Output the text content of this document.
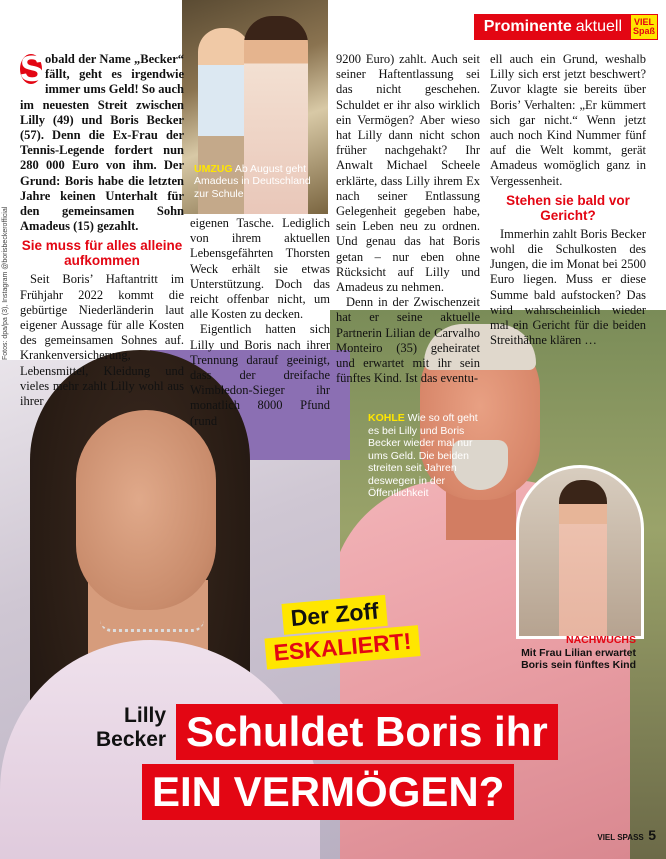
Prominente aktuell VIEL
Spaß
UMZUG Ab August geht Amadeus in Deutschland zur Schule
KOHLE Wie so oft geht es bei Lilly und Boris Becker wieder mal nur ums Geld. Die beiden streiten seit Jahren deswegen in der Öffentlichkeit
NACHWUCHS
Mit Frau Lilian erwartet Boris sein fünftes Kind
Der Zoff
ESKALIERT!
Lilly
Becker Schuldet Boris ihr
EIN VERMÖGEN?
VIEL SPASS 5
Fotos: dpa/pa (3), Instagram @borisbeckerofficial

S obald der Name „Becker“ fällt, geht es irgendwie immer ums Geld! So auch im neuesten Streit zwischen Lilly (49) und Boris Becker (57). Denn die Ex-Frau der Tennis-Legende fordert nun 280 000 Euro von ihm. Der Grund: Boris habe die letzten Jahre keinen Unterhalt für den gemeinsamen Sohn Amadeus (15) gezahlt.

Sie muss für alles alleine aufkommen

Seit Boris’ Haftantritt im Frühjahr 2022 kommt die gebürtige Niederländerin laut eigener Aussage für alle Kosten des gemeinsamen Sohnes auf. Krankenversicherung, Lebensmittel, Kleidung und vieles mehr zahlt Lilly wohl aus ihrer

eigenen Tasche. Lediglich von ihrem aktuellen Lebensgefährten Thorsten Weck erhält sie etwas Unterstützung. Doch das reicht offenbar nicht, um alle Kosten zu decken.

Eigentlich hatten sich Lilly und Boris nach ihrer Trennung darauf geeinigt, dass der dreifache Wimbledon-Sieger ihr monatlich 8000 Pfund (rund

9200 Euro) zahlt. Auch seit seiner Haftentlassung sei das nicht geschehen. Schuldet er ihr also wirklich ein Vermögen? Aber wieso hat Lilly dann nicht schon früher nachgehakt? Ihr Anwalt Michael Scheele erklärte, dass Lilly ihrem Ex nach seiner Entlassung Gelegenheit gegeben habe, sein Leben neu zu ordnen. Und genau das hat Boris getan – nur eben ohne Rücksicht auf Lilly und Amadeus zu nehmen.

Denn in der Zwischenzeit hat er seine aktuelle Partnerin Lilian de Carvalho Monteiro (35) geheiratet und erwartet mit ihr sein fünftes Kind. Ist das eventu-

ell auch ein Grund, weshalb Lilly sich erst jetzt beschwert? Zuvor klagte sie bereits über Boris’ Verhalten: „Er kümmert sich gar nicht.“ Wenn jetzt auch noch Kind Nummer fünf auf die Welt kommt, gerät Amadeus womöglich ganz in Vergessenheit.

Stehen sie bald vor Gericht?

Immerhin zahlt Boris Becker wohl die Schulkosten des Jungen, die im Monat bei 2500 Euro liegen. Muss er diese Summe bald aufstocken? Das wird wahrscheinlich wieder mal ein Gericht für die beiden Streithähne klären …
